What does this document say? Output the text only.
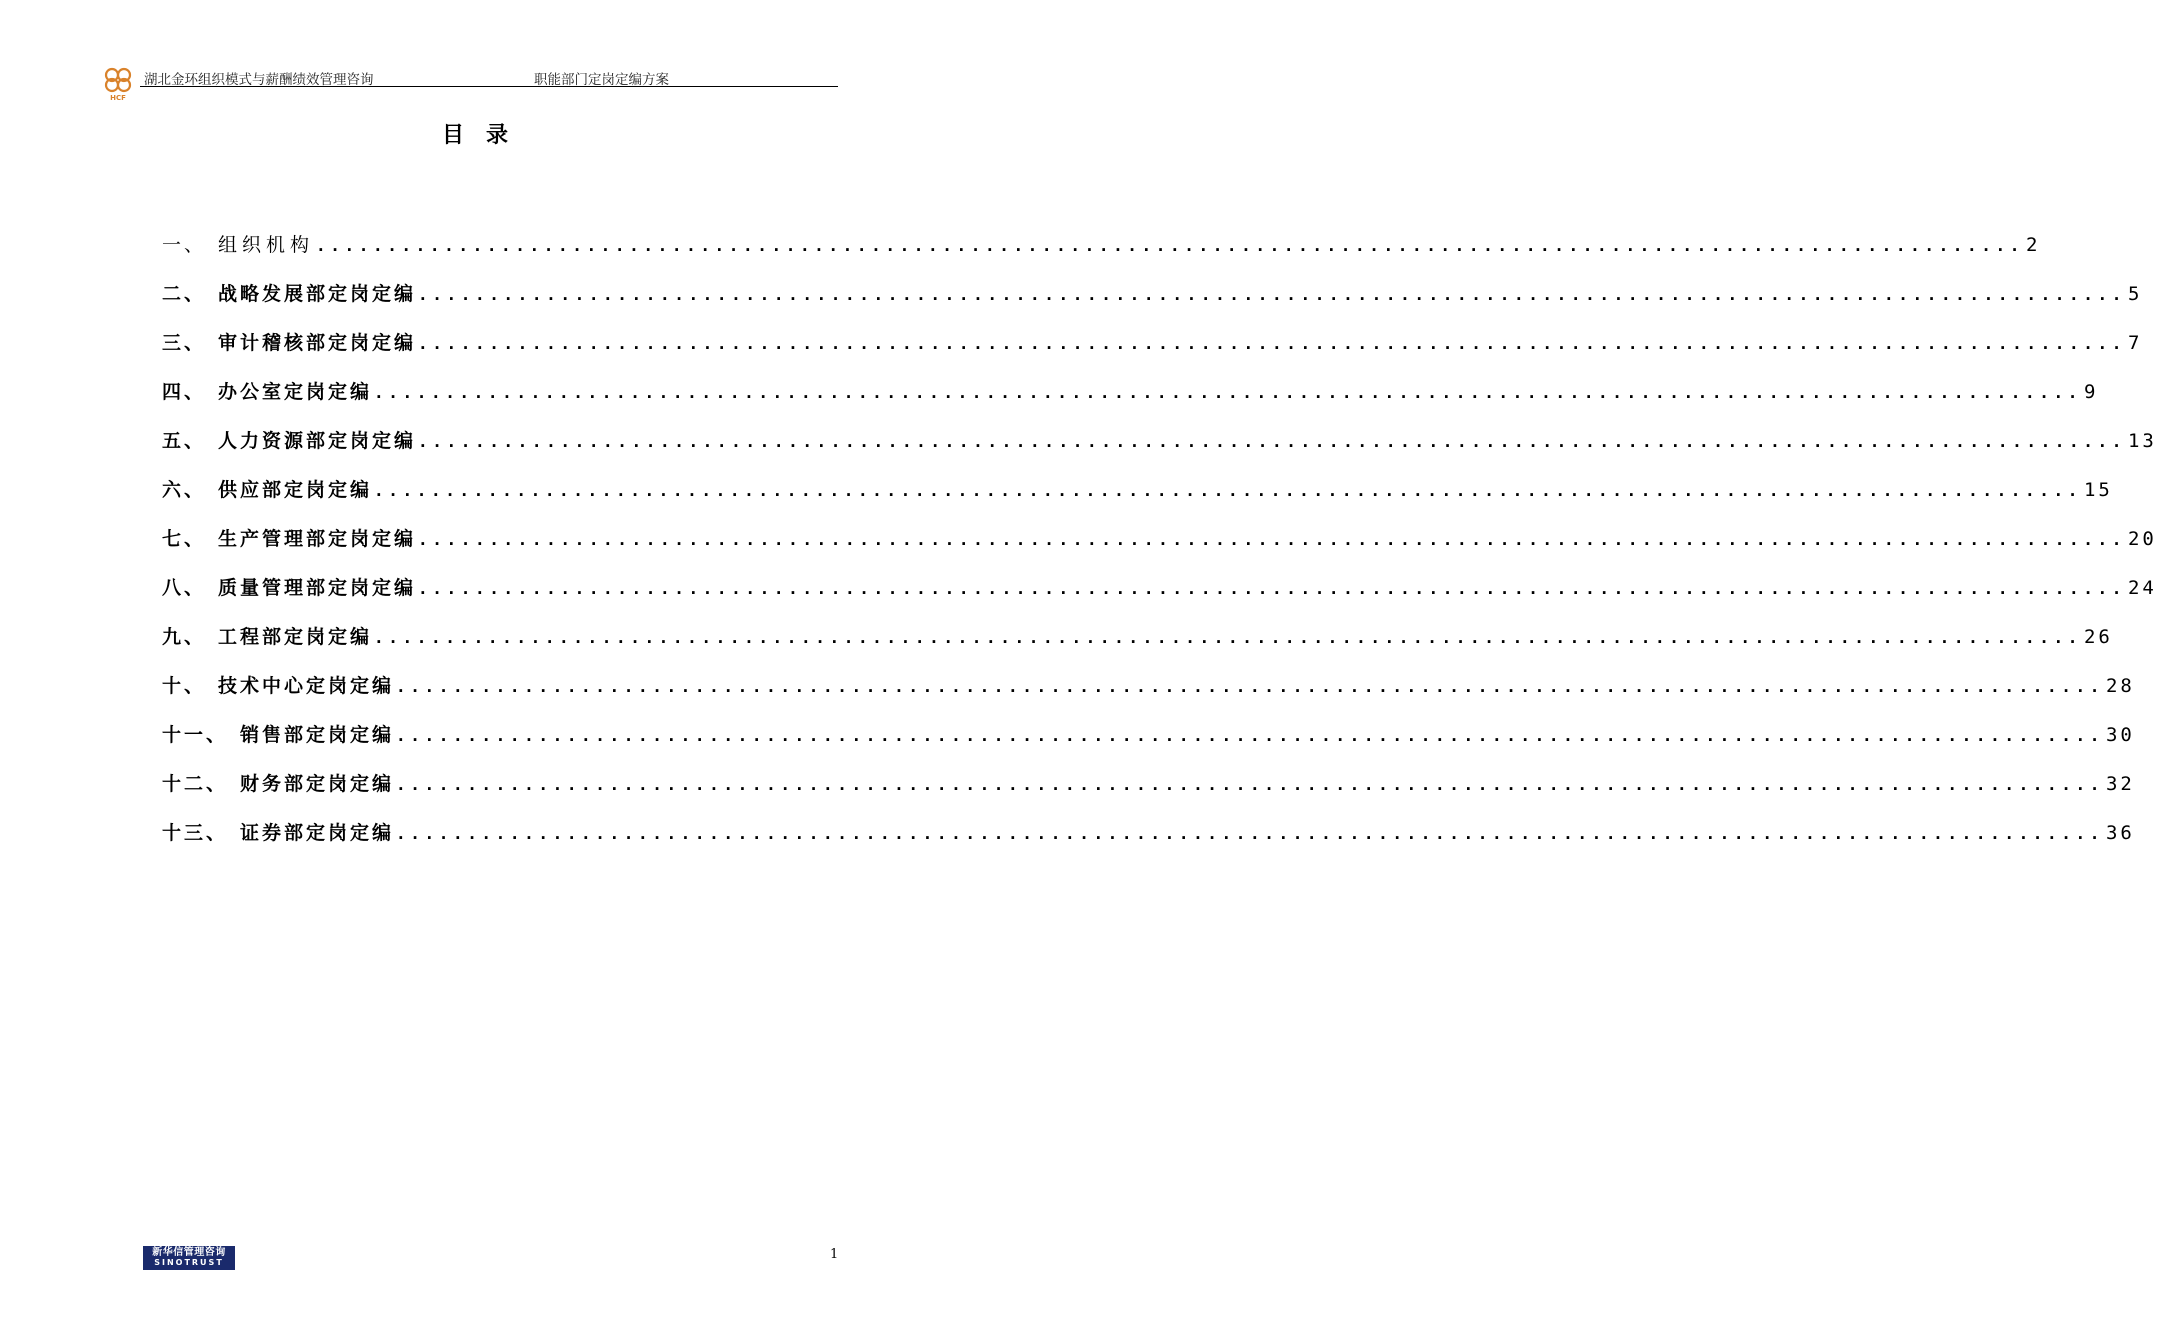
HCF
湖北金环组织模式与薪酬绩效管理咨询	职能部门定岗定编方案
目录
一、 组织机构 ........................................................................................................................ 2
二、 战略发展部定岗定编 ........................................................................................................................ 5
三、 审计稽核部定岗定编 ........................................................................................................................ 7
四、 办公室定岗定编 ........................................................................................................................ 9
五、 人力资源部定岗定编 ........................................................................................................................ 13
六、 供应部定岗定编 ........................................................................................................................ 15
七、 生产管理部定岗定编 ........................................................................................................................ 20
八、 质量管理部定岗定编 ........................................................................................................................ 24
九、 工程部定岗定编 ........................................................................................................................ 26
十、 技术中心定岗定编 ........................................................................................................................ 28
十一、 销售部定岗定编 ........................................................................................................................ 30
十二、 财务部定岗定编 ........................................................................................................................ 32
十三、 证券部定岗定编 ........................................................................................................................ 36
新华信管理咨询
SINOTRUST
1
